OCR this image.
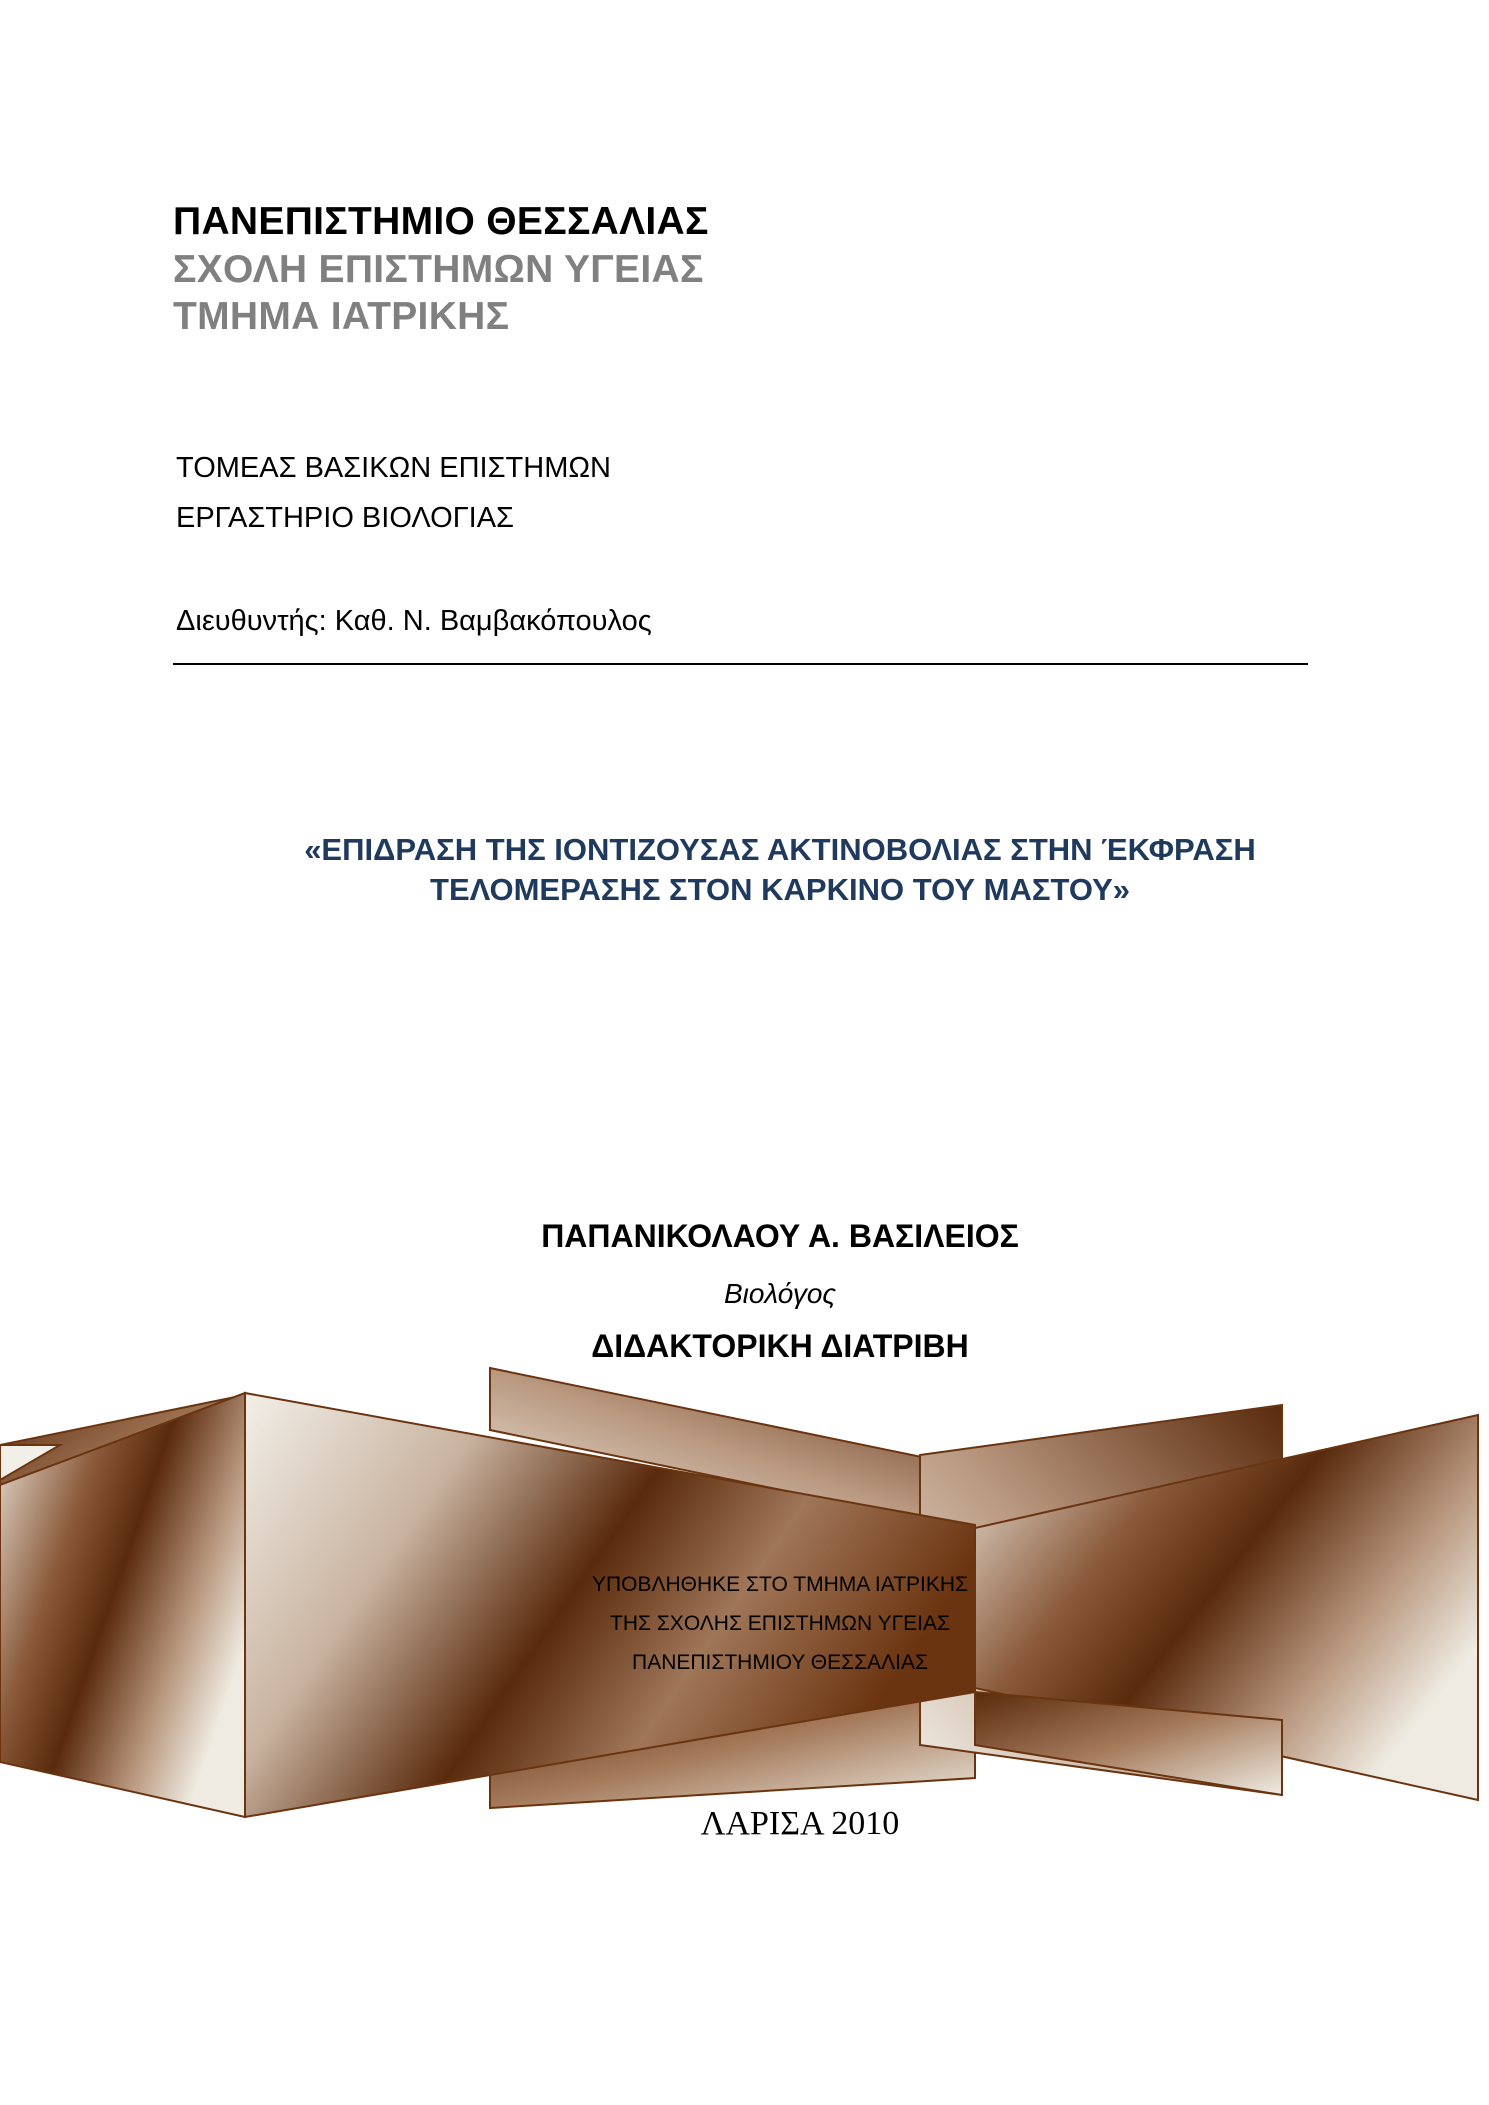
ΠΑΝΕΠΙΣΤΗΜΙΟ ΘΕΣΣΑΛΙΑΣ
ΣΧΟΛΗ ΕΠΙΣΤΗΜΩΝ ΥΓΕΙΑΣ
ΤΜΗΜΑ ΙΑΤΡΙΚΗΣ
ΤΟΜΕΑΣ ΒΑΣΙΚΩΝ ΕΠΙΣΤΗΜΩΝ
ΕΡΓΑΣΤΗΡΙΟ ΒΙΟΛΟΓΙΑΣ
Διευθυντής: Καθ. Ν. Βαμβακόπουλος
«ΕΠΙΔΡΑΣΗ ΤΗΣ ΙΟΝΤΙΖΟΥΣΑΣ ΑΚΤΙΝΟΒΟΛΙΑΣ ΣΤΗΝ ΈΚΦΡΑΣΗ
ΤΕΛΟΜΕΡΑΣΗΣ ΣΤΟΝ ΚΑΡΚΙΝΟ ΤΟΥ ΜΑΣΤΟΥ»
ΠΑΠΑΝΙΚΟΛΑΟΥ Α. ΒΑΣΙΛΕΙΟΣ
Βιολόγος
ΔΙΔΑΚΤΟΡΙΚΗ ΔΙΑΤΡΙΒΗ
ΥΠΟΒΛΗΘΗΚΕ ΣΤΟ ΤΜΗΜΑ ΙΑΤΡΙΚΗΣ
ΤΗΣ ΣΧΟΛΗΣ ΕΠΙΣΤΗΜΩΝ ΥΓΕΙΑΣ
ΠΑΝΕΠΙΣΤΗΜΙΟΥ ΘΕΣΣΑΛΙΑΣ
ΛΑΡΙΣΑ 2010
